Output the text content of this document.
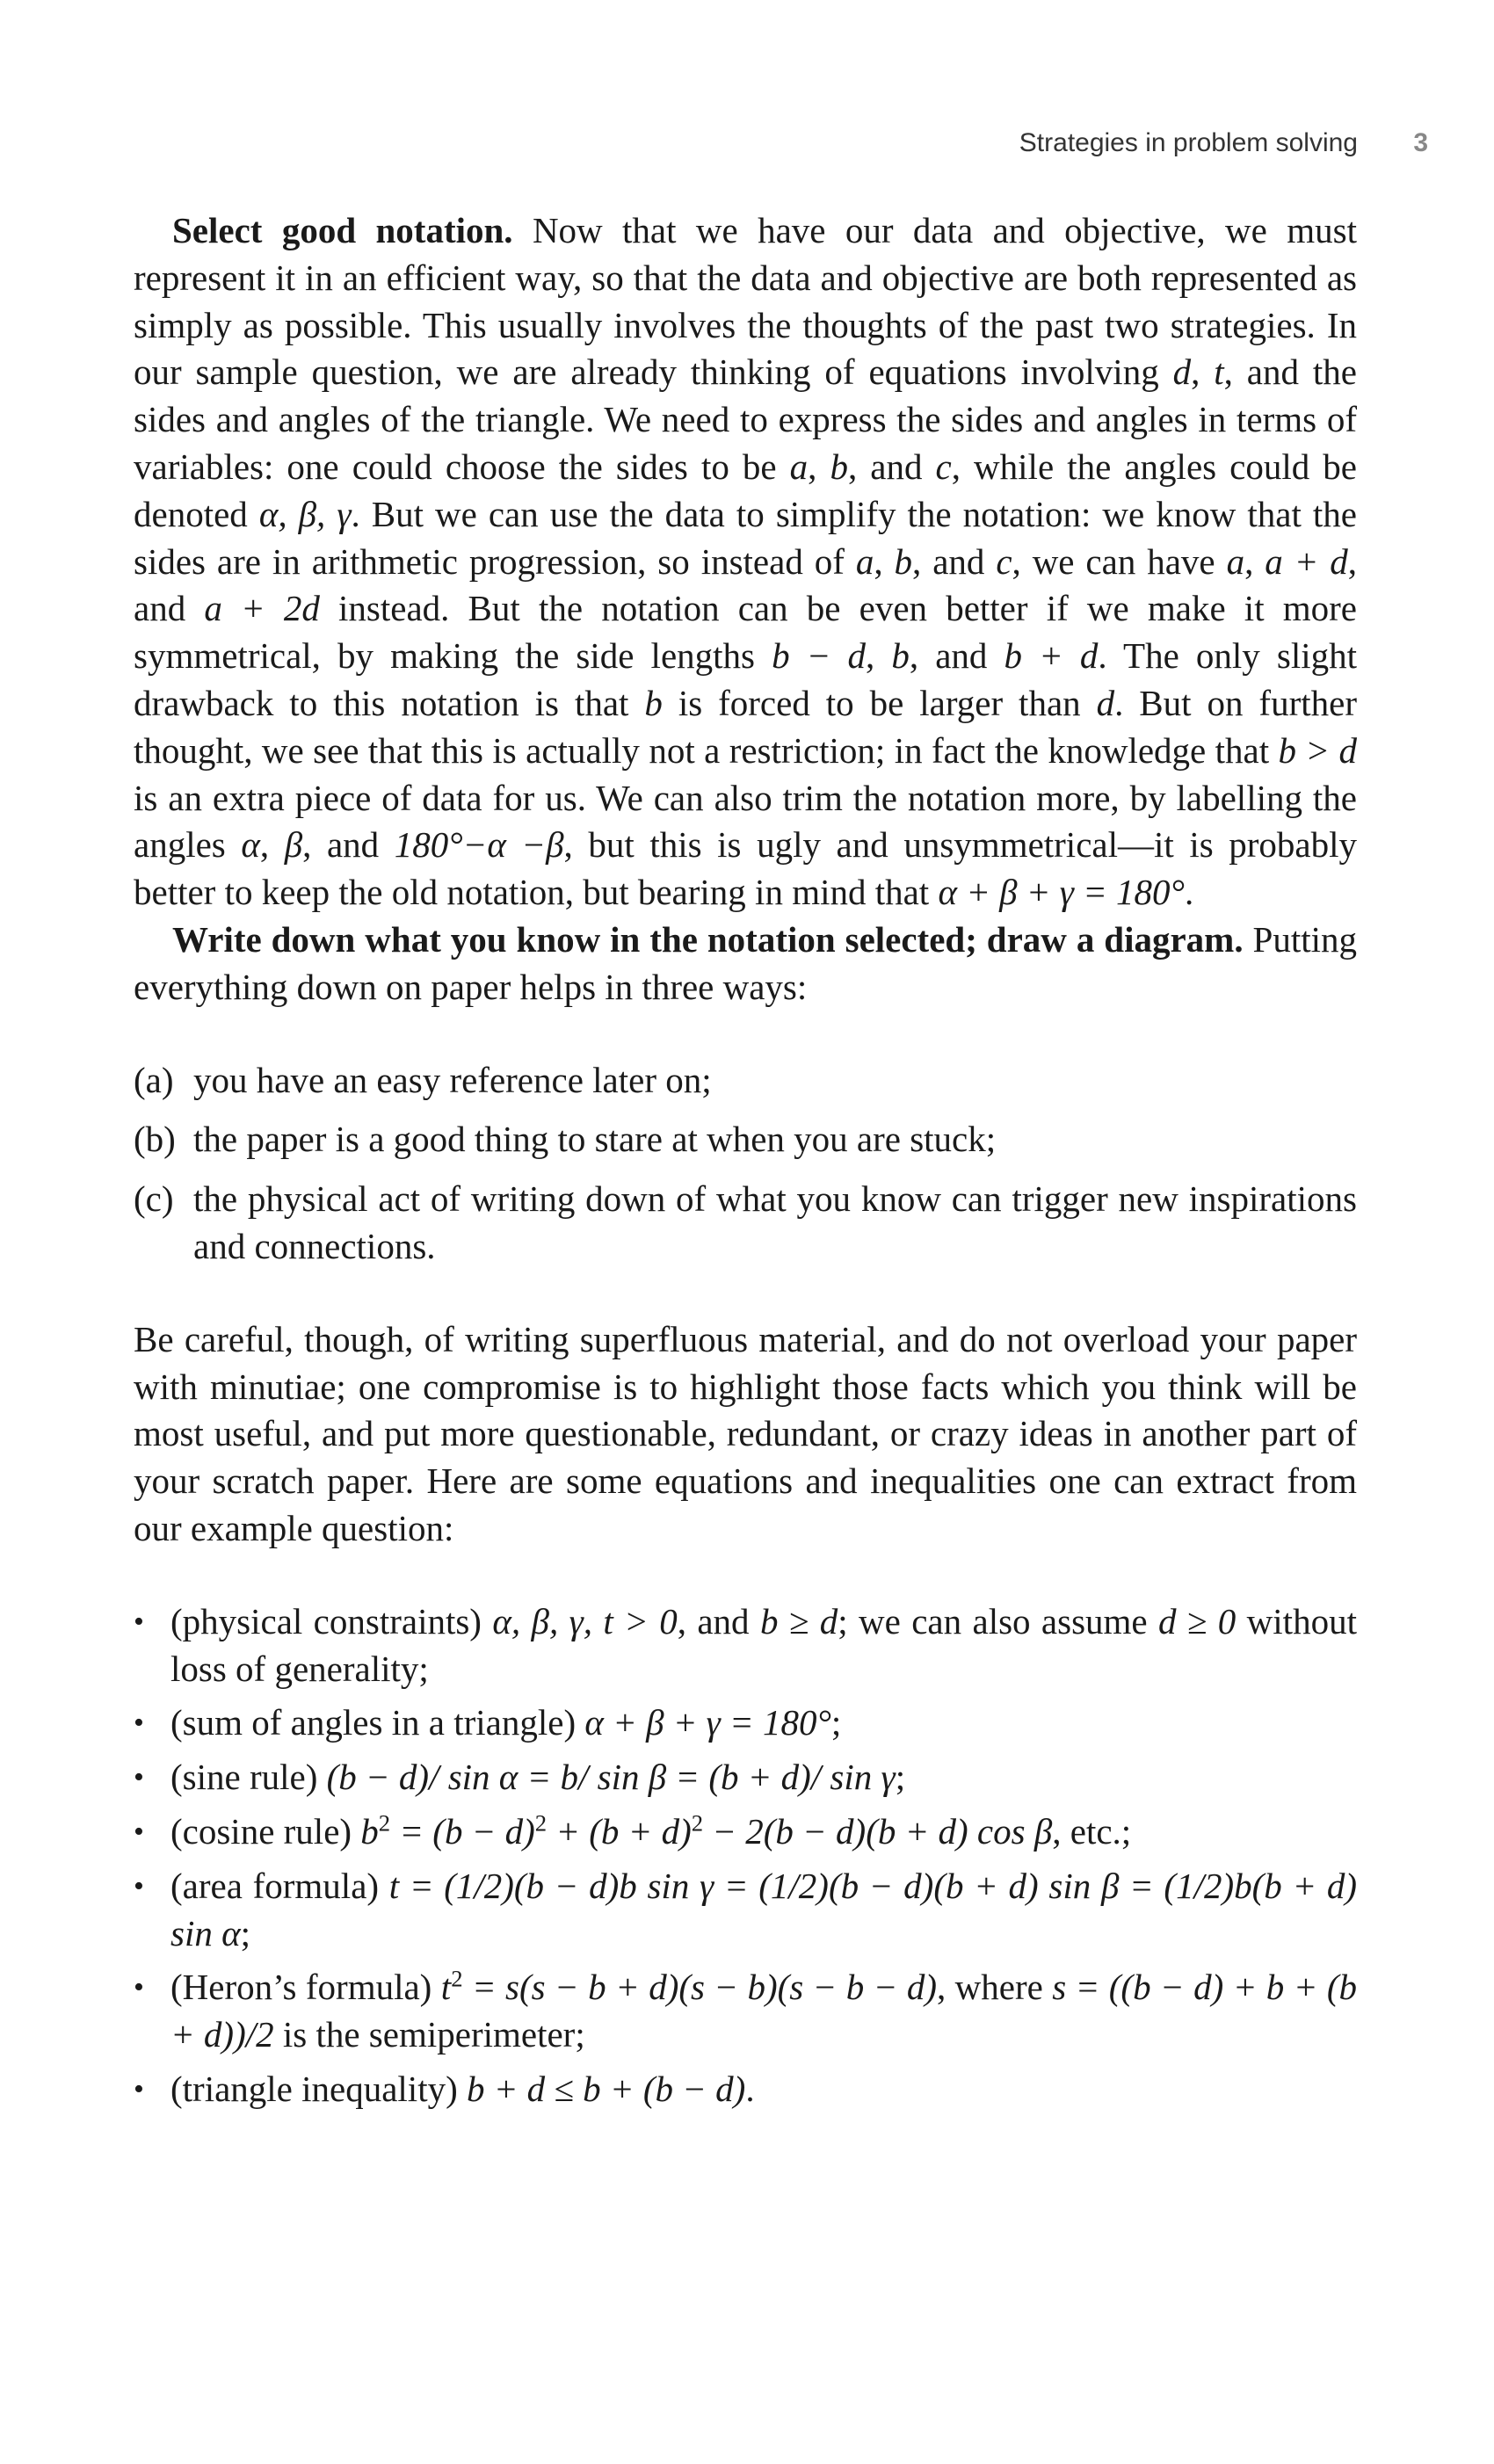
Strategies in problem solving 3

Select good notation. Now that we have our data and objective, we must represent it in an efficient way, so that the data and objective are both represented as simply as possible. This usually involves the thoughts of the past two strategies. In our sample question, we are already thinking of equations involving d, t, and the sides and angles of the triangle. We need to express the sides and angles in terms of variables: one could choose the sides to be a, b, and c, while the angles could be denoted α, β, γ. But we can use the data to simplify the notation: we know that the sides are in arithmetic progression, so instead of a, b, and c, we can have a, a + d, and a + 2d instead. But the notation can be even better if we make it more symmetrical, by making the side lengths b − d, b, and b + d. The only slight drawback to this notation is that b is forced to be larger than d. But on further thought, we see that this is actually not a restriction; in fact the knowledge that b > d is an extra piece of data for us. We can also trim the notation more, by labelling the angles α, β, and 180°−α −β, but this is ugly and unsymmetrical—it is probably better to keep the old notation, but bearing in mind that α + β + γ = 180°.

Write down what you know in the notation selected; draw a diagram. Putting everything down on paper helps in three ways:

(a) you have an easy reference later on;
(b) the paper is a good thing to stare at when you are stuck;
(c) the physical act of writing down of what you know can trigger new inspirations and connections.

Be careful, though, of writing superfluous material, and do not overload your paper with minutiae; one compromise is to highlight those facts which you think will be most useful, and put more questionable, redundant, or crazy ideas in another part of your scratch paper. Here are some equations and inequalities one can extract from our example question:

• (physical constraints) α, β, γ, t > 0, and b ≥ d; we can also assume d ≥ 0 without loss of generality;
• (sum of angles in a triangle) α + β + γ = 180°;
• (sine rule) (b − d)/ sin α = b/ sin β = (b + d)/ sin γ;
• (cosine rule) $b^2 = (b - d)^2 + (b + d)^2 - 2(b - d)(b + d)$ cos β, etc.;
• (area formula) t = (1/2)(b − d)b sin γ = (1/2)(b − d)(b + d) sin β = (1/2)b(b + d) sin α;
• (Heron’s formula) $t^2 = s(s - b + d)(s - b)(s - b - d)$, where s = ((b − d) + b + (b + d))/2 is the semiperimeter;
• (triangle inequality) b + d ≤ b + (b − d).
